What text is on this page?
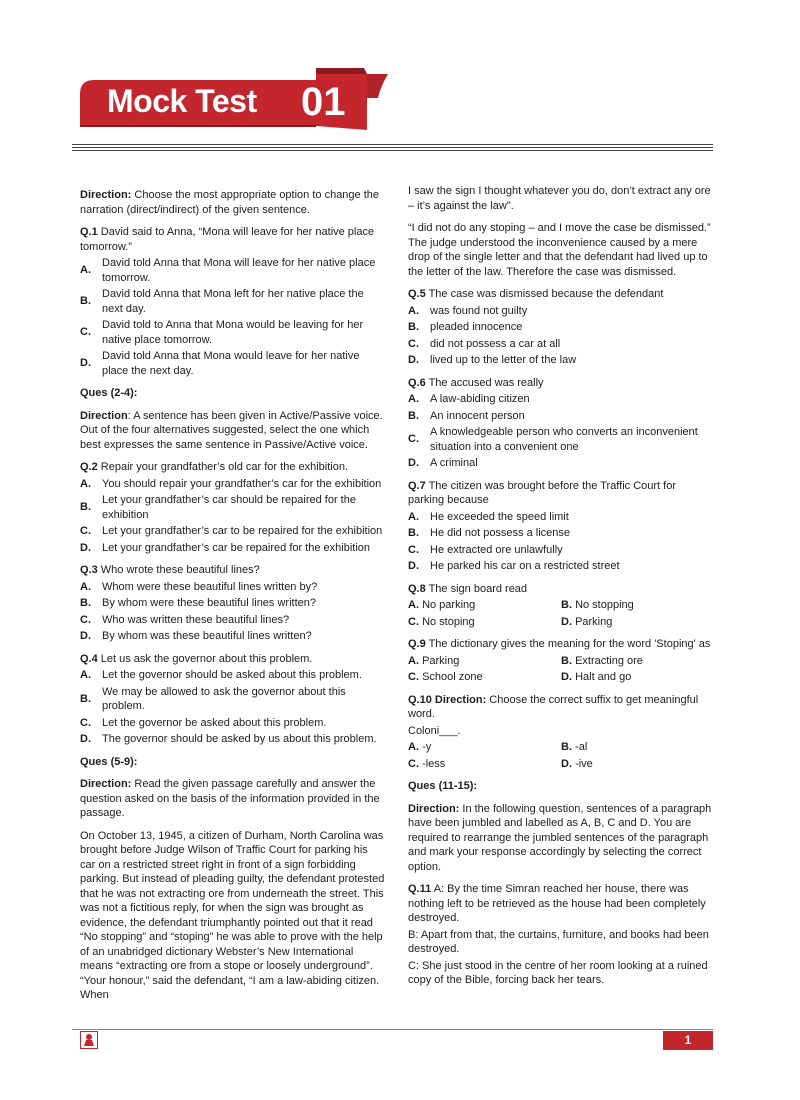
Mock Test 01

Direction: Choose the most appropriate option to change the narration (direct/indirect) of the given sentence.

Q.1 David said to Anna, “Mona will leave for her native place tomorrow.”

A.
David told Anna that Mona will leave for her native place tomorrow.
B.
David told Anna that Mona left for her native place the next day.
C.
David told to Anna that Mona would be leaving for her native place tomorrow.
D.
David told Anna that Mona would leave for her native place the next day.

Ques (2-4):

Direction: A sentence has been given in Active/Passive voice. Out of the four alternatives suggested, select the one which best expresses the same sentence in Passive/Active voice.

Q.2 Repair your grandfather’s old car for the exhibition.

A.	You should repair your grandfather’s car for the exhibition
B.
Let your grandfather’s car should be repaired for the exhibition
C.	Let your grandfather’s car to be repaired for the exhibition
D.	Let your grandfather’s car be repaired for the exhibition

Q.3 Who wrote these beautiful lines?

A.	Whom were these beautiful lines written by?
B.	By whom were these beautiful lines written?
C.	Who was written these beautiful lines?
D.	By whom was these beautiful lines written?

Q.4 Let us ask the governor about this problem.

A.	Let the governor should be asked about this problem.
B.
We may be allowed to ask the governor about this problem.
C.	Let the governor be asked about this problem.
D.	The governor should be asked by us about this problem.

Ques (5-9):

Direction: Read the given passage carefully and answer the question asked on the basis of the information provided in the passage.

On October 13, 1945, a citizen of Durham, North Carolina was brought before Judge Wilson of Traffic Court for parking his car on a restricted street right in front of a sign forbidding parking. But instead of pleading guilty, the defendant protested that he was not extracting ore from underneath the street. This was not a fictitious reply, for when the sign was brought as evidence, the defendant triumphantly pointed out that it read “No stopping” and “stoping” he was able to prove with the help of an unabridged dictionary Webster’s New International means “extracting ore from a stope or loosely underground”. “Your honour,” said the defendant, “I am a law-abiding citizen. When

I saw the sign I thought whatever you do, don’t extract any ore – it’s against the law".

“I did not do any stoping – and I move the case be dismissed.” The judge understood the inconvenience caused by a mere drop of the single letter and that the defendant had lived up to the letter of the law. Therefore the case was dismissed.

Q.5 The case was dismissed because the defendant

A.	was found not guilty
B.	pleaded innocence
C.	did not possess a car at all
D.	lived up to the letter of the law

Q.6 The accused was really

A.	A law-abiding citizen
B.	An innocent person
C.
A knowledgeable person who converts an inconvenient situation into a convenient one
D.	A criminal

Q.7 The citizen was brought before the Traffic Court for parking because

A.	He exceeded the speed limit
B.	He did not possess a license
C.	He extracted ore unlawfully
D.	He parked his car on a restricted street

Q.8 The sign board read

A. No parking	B. No stopping
C. No stoping	D. Parking

Q.9 The dictionary gives the meaning for the word 'Stoping' as

A. Parking	B. Extracting ore
C. School zone	D. Halt and go

Q.10 Direction: Choose the correct suffix to get meaningful word.

Coloni___.

A. -y	B. -al
C. -less	D. -ive

Ques (11-15):

Direction: In the following question, sentences of a paragraph have been jumbled and labelled as A, B, C and D. You are required to rearrange the jumbled sentences of the paragraph and mark your response accordingly by selecting the correct option.

Q.11 A: By the time Simran reached her house, there was nothing left to be retrieved as the house had been completely destroyed.

B: Apart from that, the curtains, furniture, and books had been destroyed.

C: She just stood in the centre of her room looking at a ruined copy of the Bible, forcing back her tears.

1
